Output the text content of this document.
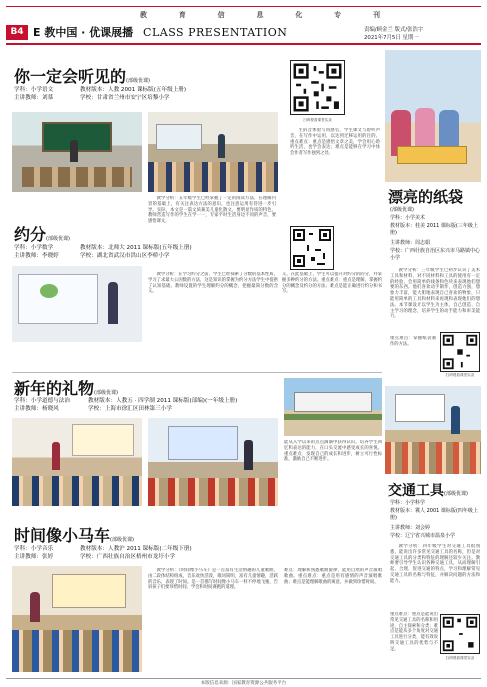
教	育	信	息	化	专	刊
B4 E 教中国 · 优课展播 CLASS PRESENTATION	责编/顾金兰 版式/张浩宇
2021年7月5日 星期一
你一定会听见的(部级优课)
学科：小学语文	教材版本：人教 2001 课标版(五年级上册)
主讲教师：刘慕	学校：甘肃省兰州市安宁区培黎小学
扫码观看课堂实录
教学分析：五年级学生已经掌握了一定的阅读方法，在理解内容的基础上，有关注表达方法的意识，也注意运用有待进一步引导。实际，本文是一篇文质兼美儿童化散文，要明显作质的特色，教师营造写作的学生在学一一，专家平时生活身边不同的声音，要感悟课文。
生的音体验与同感官，学生课文与聆听声音，在写作中运用，以达到迁移运用的目的。重点难点：重点是感悟文章之美，学会用心聆听生活，也学会表达；难点是能够在学习中体会作者写作独到之处。
约分(部级优课)
学科：小学数学	教材版本：北师大 2011 课标版(五年级上册)
主讲教师：李晓婷	学校：湖北省武汉市洪山区李桥小学
教学分析：在学习约分之前，学生已经探索了分数的基本性质，学习了求最大公因数的方法，这是知识的掌握为约分方法学生中提供了认知基础。教师设置的学生理解约分的概念，把握最简分数的含义。
义，在此基础上，学生可以提升对约分的的分，并掌握多种约分的方法。重点难点：重点是理解、掌握约分的概念及约分的方法；难点是能正确进行约分和书写。
漂亮的纸袋
(部级优课)
学科：小学美术
教材版本：桂美 2011 课标版(三年级上册)
主讲教师：周志娟
学校：广西壮族自治区东兴市马路镇中心小学
教学分析：三年级学生已初步认识了美术工具和材料，对不同材料和工具的使用有一定的经验，会用简单的线条和色块来表现他们想要的东西。他们喜欢动手制作，创造力强，想象力丰富，能大胆地表现自己喜欢的物象，只能用简单的工具和材料来再现和表现他们的想法。本节课设计以学生为主体，自己创造、自主学习的理念，培养学生的动手能力和审美能力。
重点难点：掌握纸袋制作的方法。
扫码观看课堂实录
新年的礼物(部级优课)
学科：小学道德与法治	教材版本：人教五 · 四学制 2011 课标版(部编)(一年级上册)
主讲教师：杨晓风	学校：上海市徐汇区田林第三小学
能从入学以来的点点滴滴中获得认识，培养学生回忆和表达的能力，在口头交流中感受成长的喜悦。重点难点：发现自己的成长和进步，树立可行性标准，激励自己不断进步。
交通工具(部级优课)
学科：小学科学
教材版本：冀人 2001 课标版(四年级上册)
主讲教师：刘会婷
学校：辽宁省兴城市温泉小学
教学分析：四年级学生对交通工具很熟悉，能说出许多常见交通工具的名称，但是对交通工具的分类和特征的理解还较少关注。教师要引导学生认识各种交通工具，从而理解引起、合理、促进交通的特点，学习和理解常见交通工具的名称与特征，并解决问题的方法和能力。
重点难点：重点是能说出常见交通工具的名称和用途，自主探索和分类；难点是能从多个角度对交通工具进行分类，能有效说明交通工具的优势与不足。
扫码观看课堂实录
时间像小马车(部级优课)
学科：小学音乐	教材版本：人教沪 2011 课标版(二年级下册)
主讲教师：张婷	学校：广西壮族自治区梧州市龙圩小学
教学分析：《时间像小马车》是一首富有生活情趣的儿童歌曲，由二段体结构组成，音乐欢快活泼，歌词简明，富有儿童情趣，活跃的音乐，表现了时间。是一首描写时间像小马车一样不停地飞驰，告诉孩子们要珍惜时间、学会和时间赛跑的道理。
难点：理解和熟悉歌曲旋律，能用自然的声音演唱歌曲。重点难点：重点是用有感情的声音演唱歌曲；难点是能理解歌曲的寓意，并做到珍惜时间。
本版信息来源：国家教育资源公共服务平台
